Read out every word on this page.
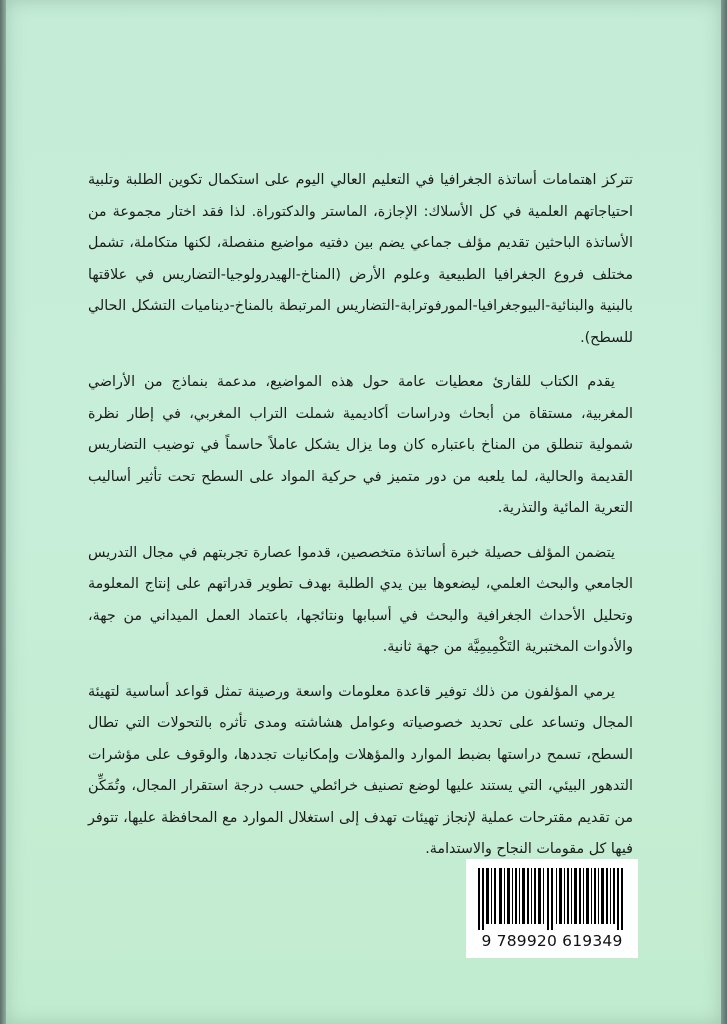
تتركز اهتمامات أساتذة الجغرافيا في التعليم العالي اليوم على استكمال تكوين الطلبة وتلبية احتياجاتهم العلمية في كل الأسلاك: الإجازة، الماستر والدكتوراة. لذا فقد اختار مجموعة من الأساتذة الباحثين تقديم مؤلف جماعي يضم بين دفتيه مواضيع منفصلة، لكنها متكاملة، تشمل مختلف فروع الجغرافيا الطبيعية وعلوم الأرض (المناخ-الهيدرولوجيا-التضاريس في علاقتها بالبنية والبنائية-البيوجغرافيا-المورفوترابة-التضاريس المرتبطة بالمناخ-ديناميات التشكل الحالي للسطح).

يقدم الكتاب للقارئ معطيات عامة حول هذه المواضيع، مدعمة بنماذج من الأراضي المغربية، مستقاة من أبحاث ودراسات أكاديمية شملت التراب المغربي، في إطار نظرة شمولية تنطلق من المناخ باعتباره كان وما يزال يشكل عاملاً حاسماً في توضيب التضاريس القديمة والحالية، لما يلعبه من دور متميز في حركية المواد على السطح تحت تأثير أساليب التعرية المائية والتذرية.

يتضمن المؤلف حصيلة خبرة أساتذة متخصصين، قدموا عصارة تجربتهم في مجال التدريس الجامعي والبحث العلمي، ليضعوها بين يدي الطلبة بهدف تطوير قدراتهم على إنتاج المعلومة وتحليل الأحداث الجغرافية والبحث في أسبابها ونتائجها، باعتماد العمل الميداني من جهة، والأدوات المختبرية التَكْمِيمِيَّة من جهة ثانية.

يرمي المؤلفون من ذلك توفير قاعدة معلومات واسعة ورصينة تمثل قواعد أساسية لتهيئة المجال وتساعد على تحديد خصوصياته وعوامل هشاشته ومدى تأثره بالتحولات التي تطال السطح، تسمح دراستها بضبط الموارد والمؤهلات وإمكانيات تجددها، والوقوف على مؤشرات التدهور البيئي، التي يستند عليها لوضع تصنيف خرائطي حسب درجة استقرار المجال، وتُمَكِّن من تقديم مقترحات عملية لإنجاز تهيئات تهدف إلى استغلال الموارد مع المحافظة عليها، تتوفر فيها كل مقومات النجاح والاستدامة.

9 789920 619349
